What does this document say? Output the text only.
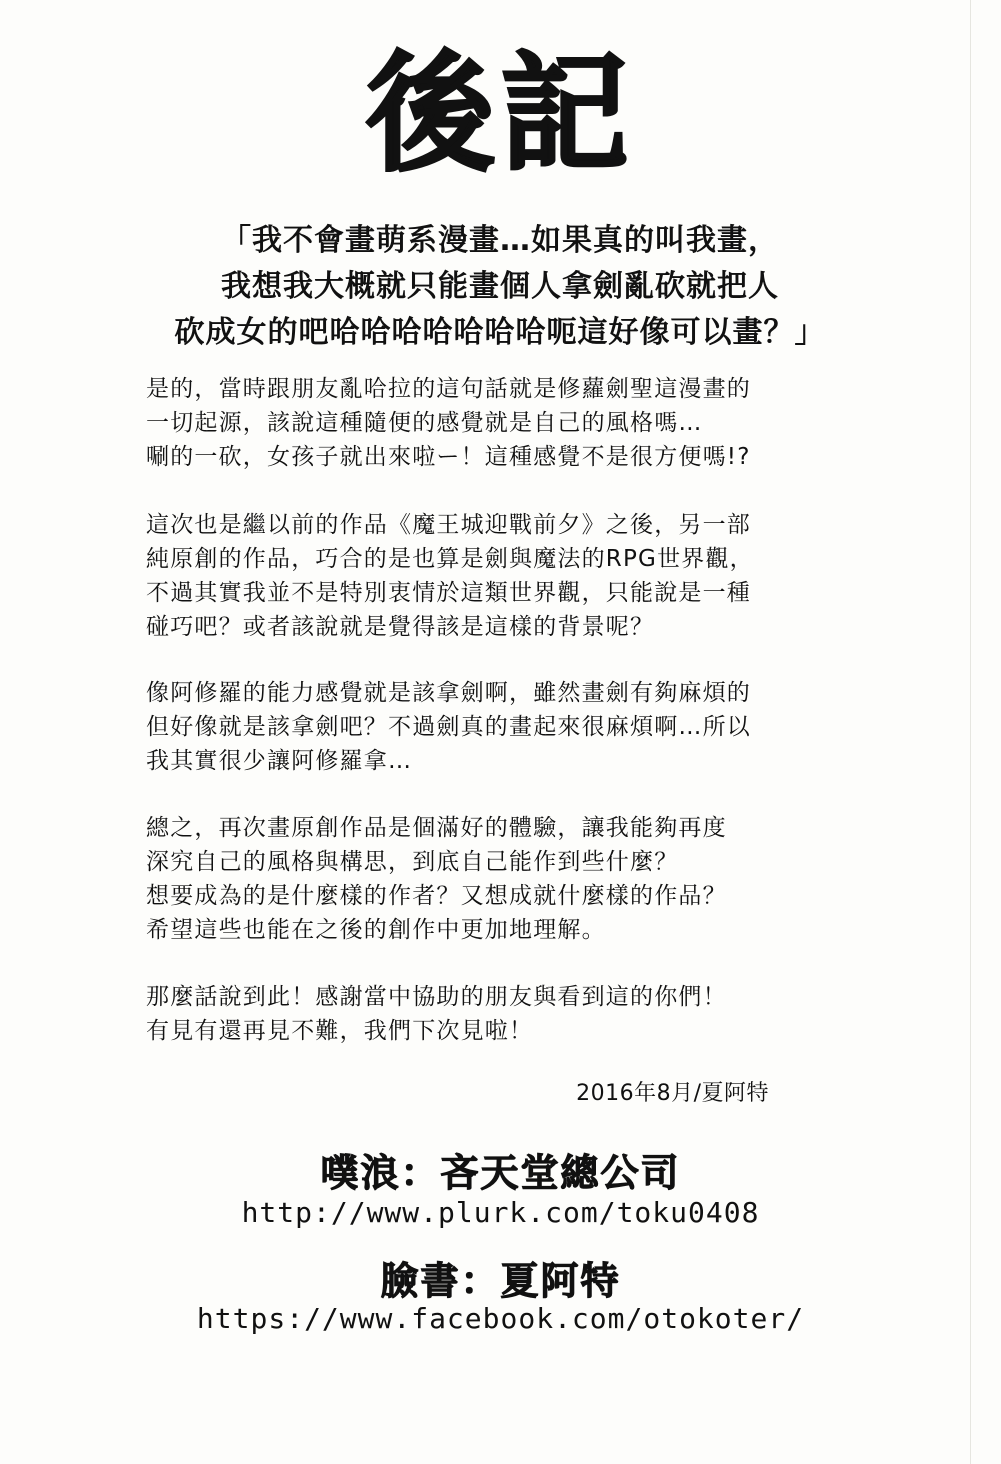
後記
「我不會畫萌系漫畫…如果真的叫我畫，
我想我大概就只能畫個人拿劍亂砍就把人
砍成女的吧哈哈哈哈哈哈哈呃這好像可以畫？」
是的，當時跟朋友亂哈拉的這句話就是修蘿劍聖這漫畫的
一切起源，該說這種隨便的感覺就是自己的風格嗎…
唰的一砍，女孩子就出來啦ー！這種感覺不是很方便嗎!?
這次也是繼以前的作品《魔王城迎戰前夕》之後，另一部
純原創的作品，巧合的是也算是劍與魔法的RPG世界觀，
不過其實我並不是特別衷情於這類世界觀，只能說是一種
碰巧吧？或者該說就是覺得該是這樣的背景呢？
像阿修羅的能力感覺就是該拿劍啊，雖然畫劍有夠麻煩的
但好像就是該拿劍吧？不過劍真的畫起來很麻煩啊…所以
我其實很少讓阿修羅拿…
總之，再次畫原創作品是個滿好的體驗，讓我能夠再度
深究自己的風格與構思，到底自己能作到些什麼？
想要成為的是什麼樣的作者？又想成就什麼樣的作品？
希望這些也能在之後的創作中更加地理解。
那麼話說到此！感謝當中協助的朋友與看到這的你們！
有見有還再見不難，我們下次見啦！
2016年8月/夏阿特
噗浪：吝天堂總公司
http://www.plurk.com/toku0408
臉書：夏阿特
https://www.facebook.com/otokoter/
